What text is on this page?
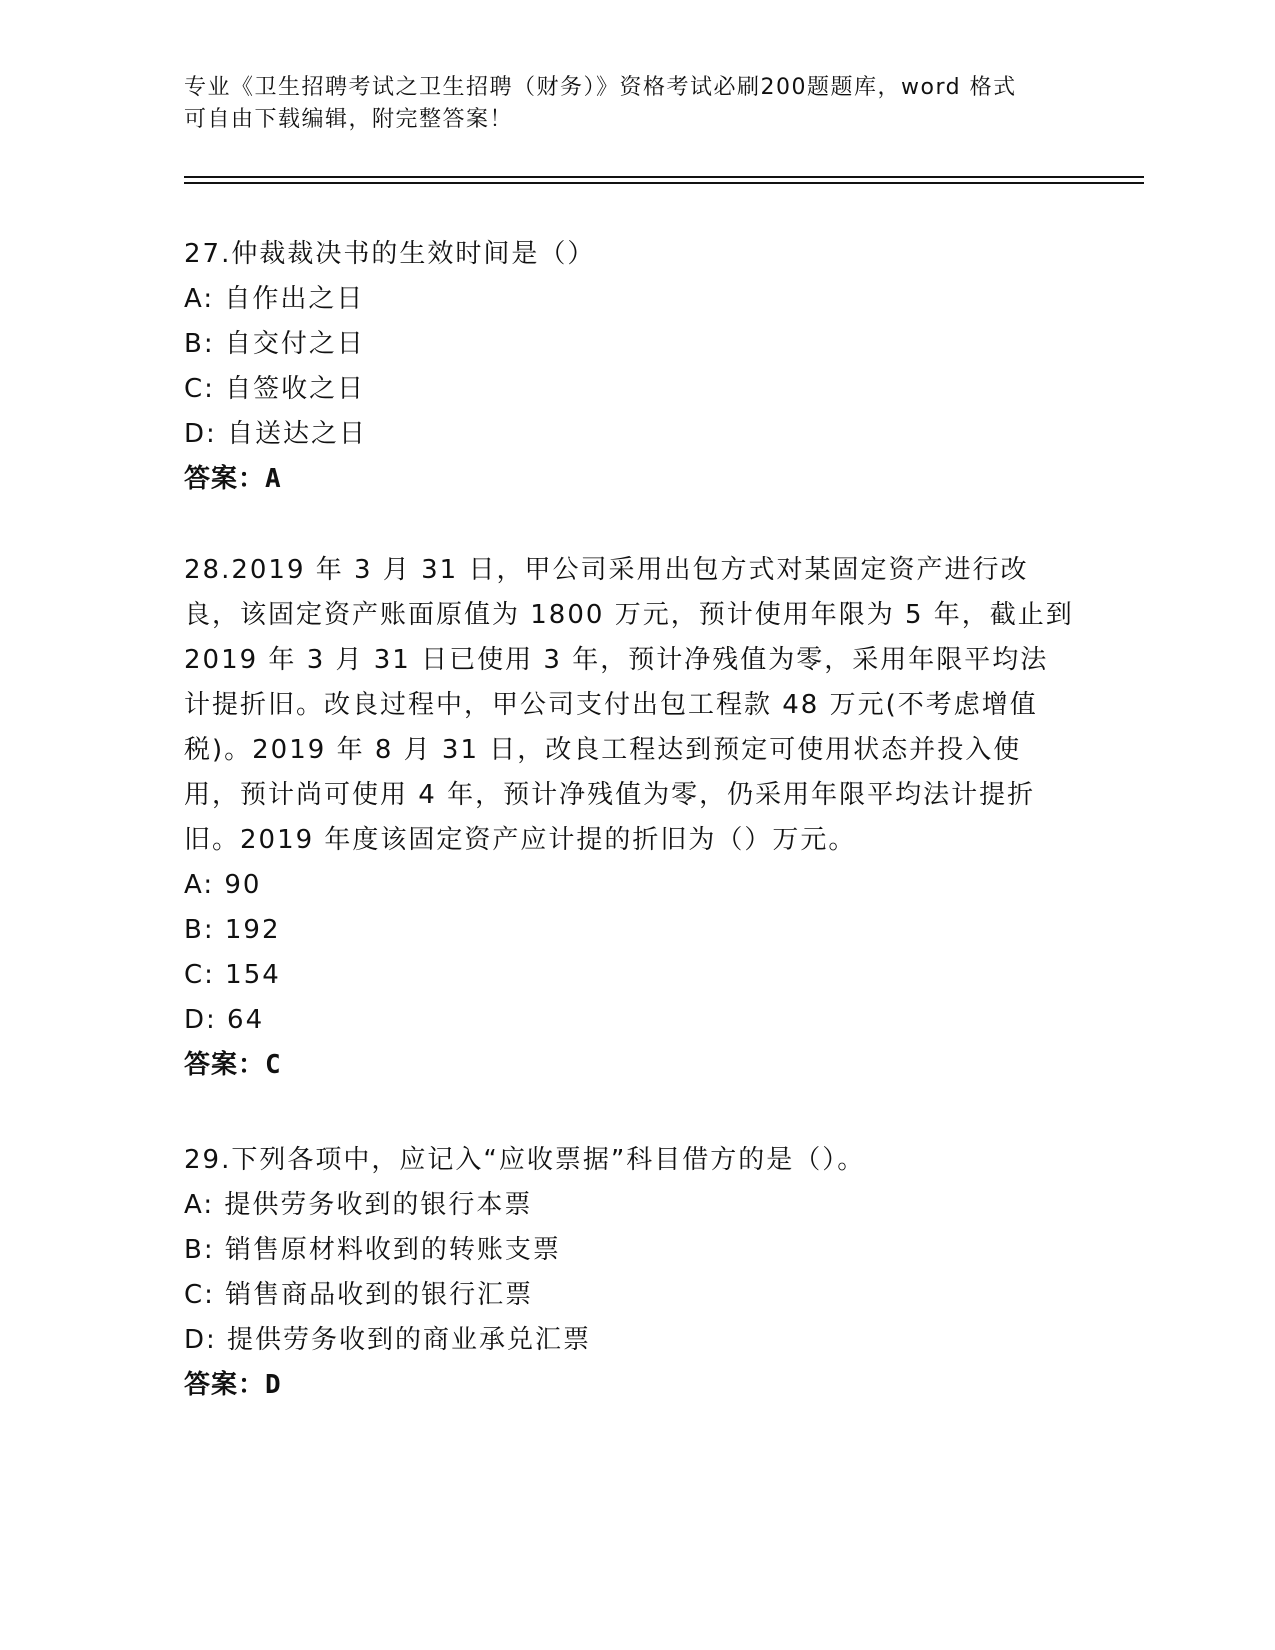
专业《卫生招聘考试之卫生招聘（财务）》资格考试必刷200题题库，word 格式
可自由下载编辑，附完整答案！

27.仲裁裁决书的生效时间是（）

A: 自作出之日

B: 自交付之日

C: 自签收之日

D: 自送达之日

答案：A

28.2019 年 3 月 31 日，甲公司采用出包方式对某固定资产进行改良，该固定资产账面原值为 1800 万元，预计使用年限为 5 年，截止到 2019 年 3 月 31 日已使用 3 年，预计净残值为零，采用年限平均法计提折旧。改良过程中，甲公司支付出包工程款 48 万元(不考虑增值税)。2019 年 8 月 31 日，改良工程达到预定可使用状态并投入使用，预计尚可使用 4 年，预计净残值为零，仍采用年限平均法计提折旧。2019 年度该固定资产应计提的折旧为（）万元。

A: 90

B: 192

C: 154

D: 64

答案：C

29.下列各项中，应记入“应收票据”科目借方的是（）。

A: 提供劳务收到的银行本票

B: 销售原材料收到的转账支票

C: 销售商品收到的银行汇票

D: 提供劳务收到的商业承兑汇票

答案：D
